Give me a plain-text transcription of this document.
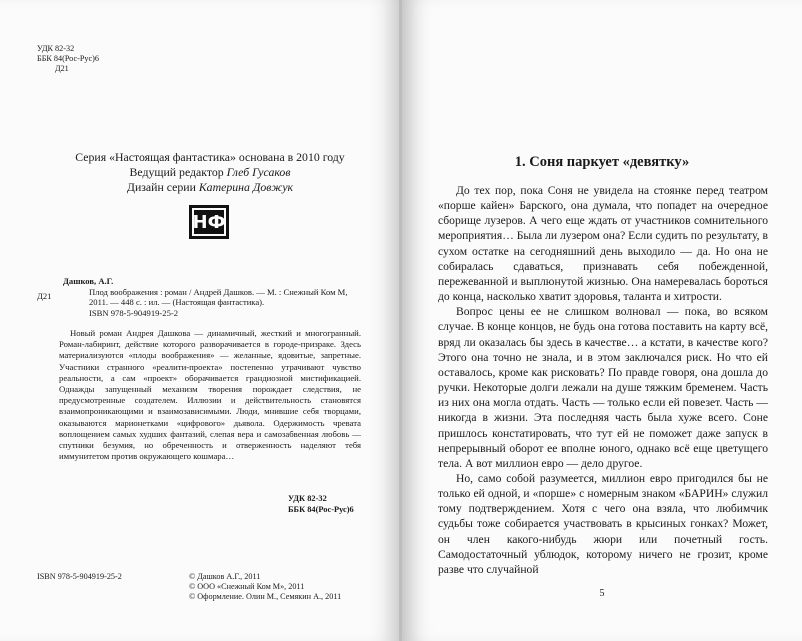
УДК 82-32
ББК 84(Рос-Рус)6
Д21
Серия «Настоящая фантастика» основана в 2010 году
Ведущий редактор Глеб Гусаков
Дизайн серии Катерина Довжук
НФ
Дашков, А.Г.
Д21	Плод воображения : роман / Андрей Дашков. — М. : Снежный Ком М, 2011. — 448 с. : ил. — (Настоящая фантастика).
ISBN 978-5-904919-25-2

Новый роман Андрея Дашкова — динамичный, жесткий и многогранный. Роман-лабиринт, действие которого разворачивается в городе-призраке. Здесь материализуются «плоды воображения» — желанные, ядовитые, запретные. Участники странного «реалити-проекта» постепенно утрачивают чувство реальности, а сам «проект» оборачивается грандиозной мистификацией. Однажды запущенный механизм творения порождает следствия, не предусмотренные создателем. Иллюзии и действительность становятся взаимопроникающими и взаимозависимыми. Люди, мнившие себя творцами, оказываются марионетками «цифрового» дьявола. Одержимость чревата воплощением самых худших фантазий, слепая вера и самозабвенная любовь — спутники безумия, но обреченность и отверженность наделяют тебя иммунитетом против окружающего кошмара…

УДК 82-32
ББК 84(Рос-Рус)6
ISBN 978-5-904919-25-2	© Дашков А.Г., 2011
© ООО «Снежный Ком М», 2011
© Оформление. Олин М., Семякин А., 2011
1. Соня паркует «девятку»

До тех пор, пока Соня не увидела на стоянке перед театром «порше кайен» Барского, она думала, что попадет на очередное сборище лузеров. А чего еще ждать от участников сомнительного мероприятия… Была ли лузером она? Если судить по результату, в сухом остатке на сегодняшний день выходило — да. Но она не собиралась сдаваться, признавать себя побежденной, пережеванной и выплюнутой жизнью. Она намеревалась бороться до конца, насколько хватит здоровья, таланта и хитрости.

Вопрос цены ее не слишком волновал — пока, во всяком случае. В конце концов, не будь она готова поставить на карту всё, вряд ли оказалась бы здесь в качестве… а кстати, в качестве кого? Этого она точно не знала, и в этом заключался риск. Но что ей оставалось, кроме как рисковать? По правде говоря, она дошла до ручки. Некоторые долги лежали на душе тяжким бременем. Часть из них она могла отдать. Часть — только если ей повезет. Часть — никогда в жизни. Эта последняя часть была хуже всего. Соне пришлось констатировать, что тут ей не поможет даже запуск в непрерывный оборот ее вполне юного, однако всё еще цветущего тела. А вот миллион евро — дело другое.

Но, само собой разумеется, миллион евро пригодился бы не только ей одной, и «порше» с номерным знаком «БАРИН» служил тому подтверждением. Хотя с чего она взяла, что любимчик судьбы тоже собирается участвовать в крысиных гонках? Может, он член какого-нибудь жюри или почетный гость. Самодостаточный ублюдок, которому ничего не грозит, кроме разве что случайной

5
